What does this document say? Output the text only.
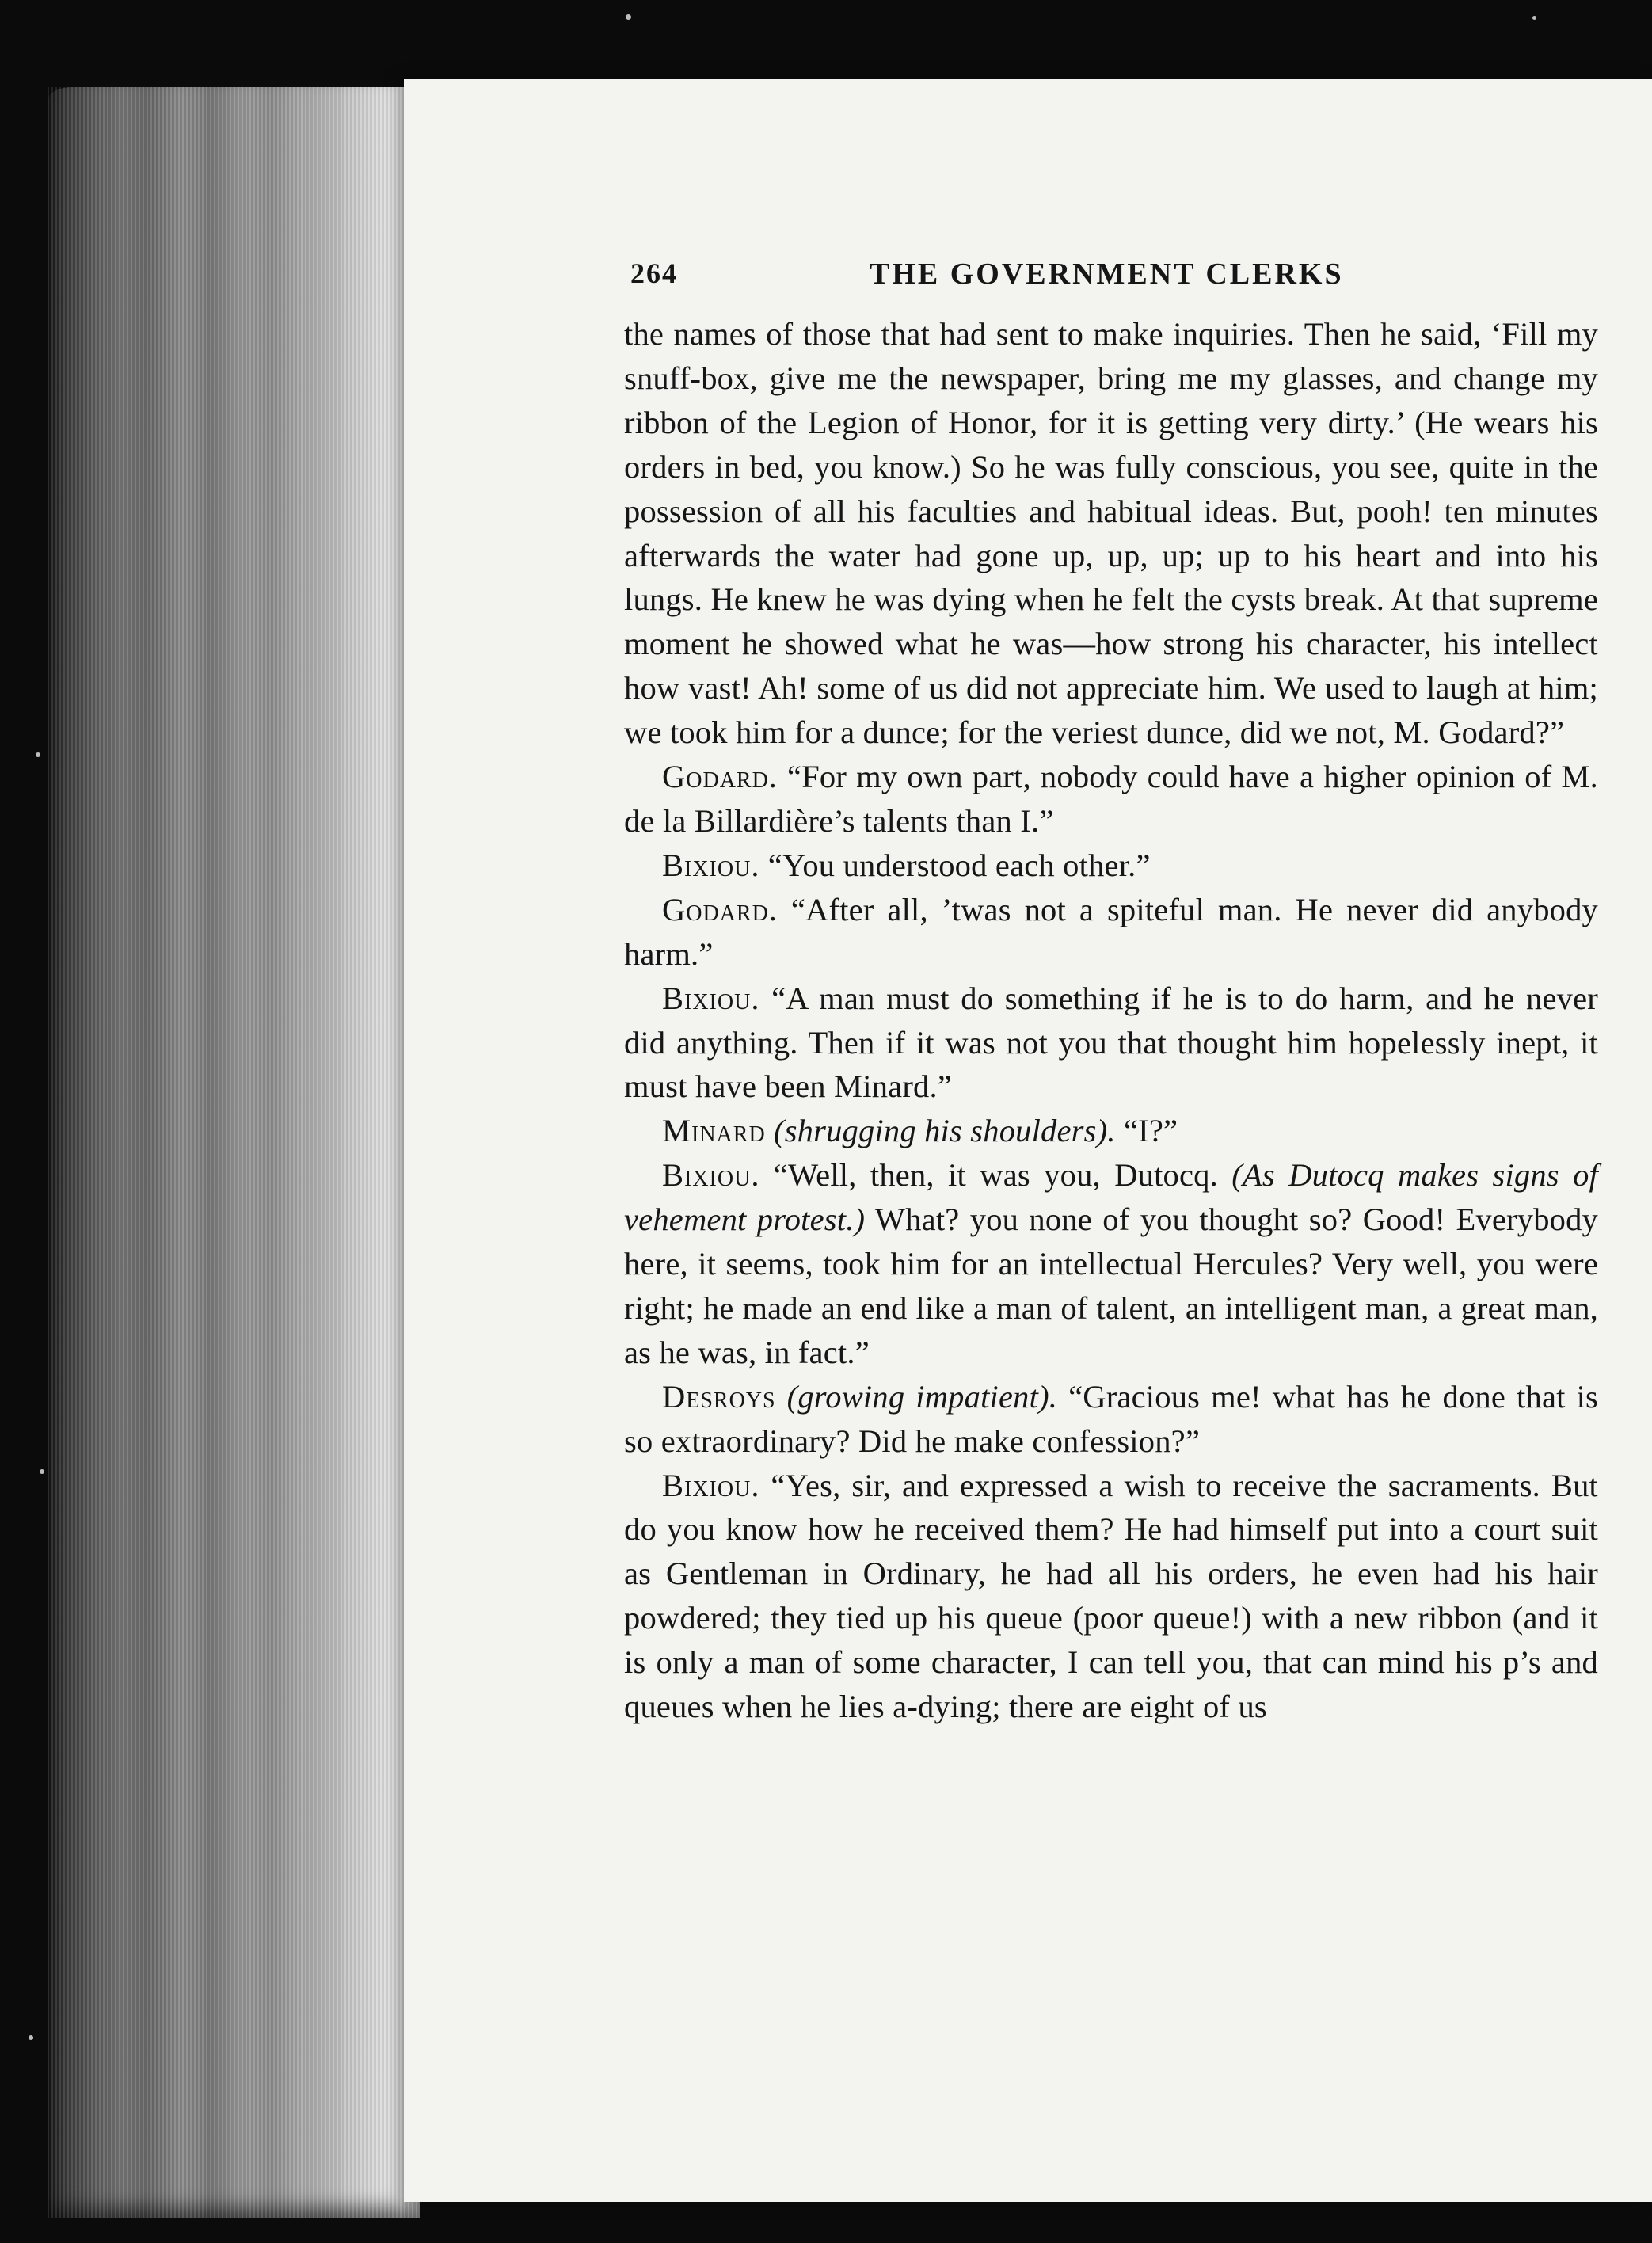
264	THE GOVERNMENT CLERKS

the names of those that had sent to make inquiries. Then he said, ‘Fill my snuff-box, give me the newspaper, bring me my glasses, and change my ribbon of the Legion of Honor, for it is getting very dirty.’ (He wears his orders in bed, you know.) So he was fully conscious, you see, quite in the possession of all his faculties and habitual ideas. But, pooh! ten minutes afterwards the water had gone up, up, up; up to his heart and into his lungs. He knew he was dying when he felt the cysts break. At that supreme moment he showed what he was—how strong his character, his intellect how vast! Ah! some of us did not appreciate him. We used to laugh at him; we took him for a dunce; for the veriest dunce, did we not, M. Godard?”

Godard. “For my own part, nobody could have a higher opinion of M. de la Billardière’s talents than I.”

Bixiou. “You understood each other.”

Godard. “After all, ’twas not a spiteful man. He never did anybody harm.”

Bixiou. “A man must do something if he is to do harm, and he never did anything. Then if it was not you that thought him hopelessly inept, it must have been Minard.”

Minard (shrugging his shoulders). “I?”

Bixiou. “Well, then, it was you, Dutocq. (As Dutocq makes signs of vehement protest.) What? you none of you thought so? Good! Everybody here, it seems, took him for an intellectual Hercules? Very well, you were right; he made an end like a man of talent, an intelligent man, a great man, as he was, in fact.”

Desroys (growing impatient). “Gracious me! what has he done that is so extraordinary? Did he make confession?”

Bixiou. “Yes, sir, and expressed a wish to receive the sacraments. But do you know how he received them? He had himself put into a court suit as Gentleman in Ordinary, he had all his orders, he even had his hair powdered; they tied up his queue (poor queue!) with a new ribbon (and it is only a man of some character, I can tell you, that can mind his p’s and queues when he lies a-dying; there are eight of us
